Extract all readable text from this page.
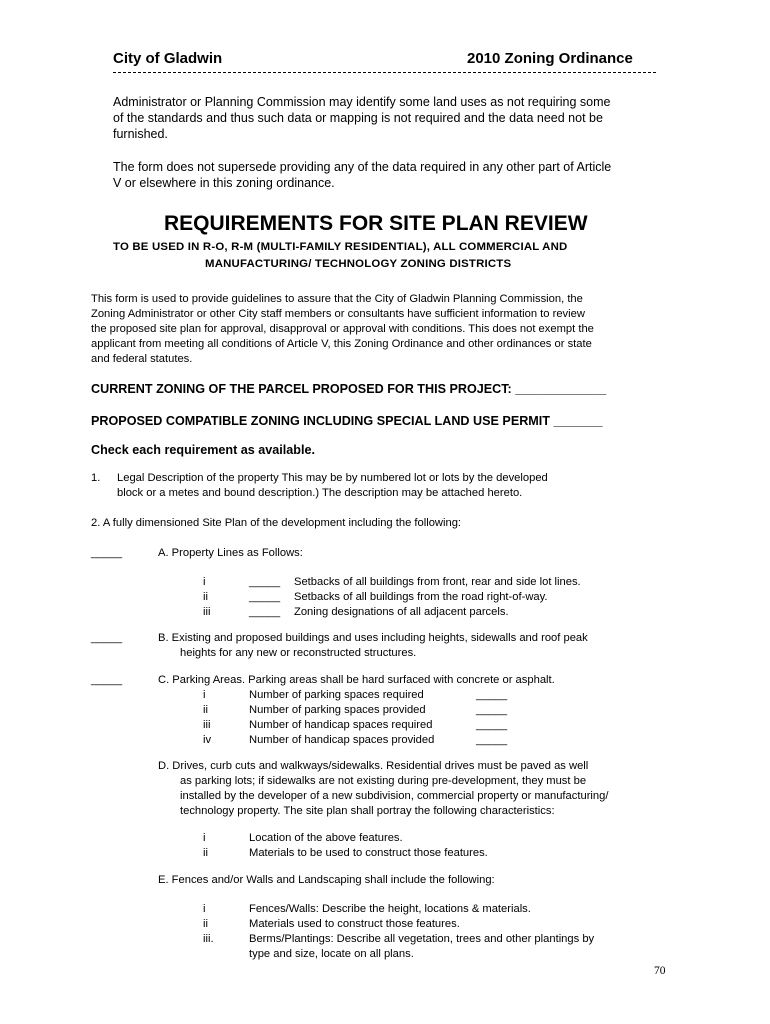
City of Gladwin	2010 Zoning Ordinance
Administrator or Planning Commission may identify some land uses as not requiring some
of the standards and thus such data or mapping is not required and the data need not be
furnished.
The form does not supersede providing any of the data required in any other part of Article
V or elsewhere in this zoning ordinance.
REQUIREMENTS FOR SITE PLAN REVIEW
TO BE USED IN R-O, R-M (MULTI-FAMILY RESIDENTIAL), ALL COMMERCIAL AND
MANUFACTURING/ TECHNOLOGY ZONING DISTRICTS
This form is used to provide guidelines to assure that the City of Gladwin Planning Commission, the
Zoning Administrator or other City staff members or consultants have sufficient information to review
the proposed site plan for approval, disapproval or approval with conditions. This does not exempt the
applicant from meeting all conditions of Article V, this Zoning Ordinance and other ordinances or state
and federal statutes.
CURRENT ZONING OF THE PARCEL PROPOSED FOR THIS PROJECT: _____________
PROPOSED COMPATIBLE ZONING INCLUDING SPECIAL LAND USE PERMIT _______
Check each requirement as available.
1. Legal Description of the property This may be by numbered lot or lots by the developed
block or a metes and bound description.) The description may be attached hereto.
2. A fully dimensioned Site Plan of the development including the following:
_____	A. Property Lines as Follows:
i	_____ Setbacks of all buildings from front, rear and side lot lines.
ii	_____ Setbacks of all buildings from the road right-of-way.
iii	_____ Zoning designations of all adjacent parcels.
_____	B. Existing and proposed buildings and uses including heights, sidewalls and roof peak
heights for any new or reconstructed structures.
_____	C. Parking Areas. Parking areas shall be hard surfaced with concrete or asphalt.
i	Number of parking spaces required	_____
ii	Number of parking spaces provided	_____
iii	Number of handicap spaces required	_____
iv	Number of handicap spaces provided	_____
D. Drives, curb cuts and walkways/sidewalks. Residential drives must be paved as well
as parking lots; if sidewalks are not existing during pre-development, they must be
installed by the developer of a new subdivision, commercial property or manufacturing/
technology property. The site plan shall portray the following characteristics:
i	Location of the above features.
ii	Materials to be used to construct those features.
E. Fences and/or Walls and Landscaping shall include the following:
i	Fences/Walls: Describe the height, locations & materials.
ii	Materials used to construct those features.
iii.	Berms/Plantings: Describe all vegetation, trees and other plantings by
type and size, locate on all plans.
70
